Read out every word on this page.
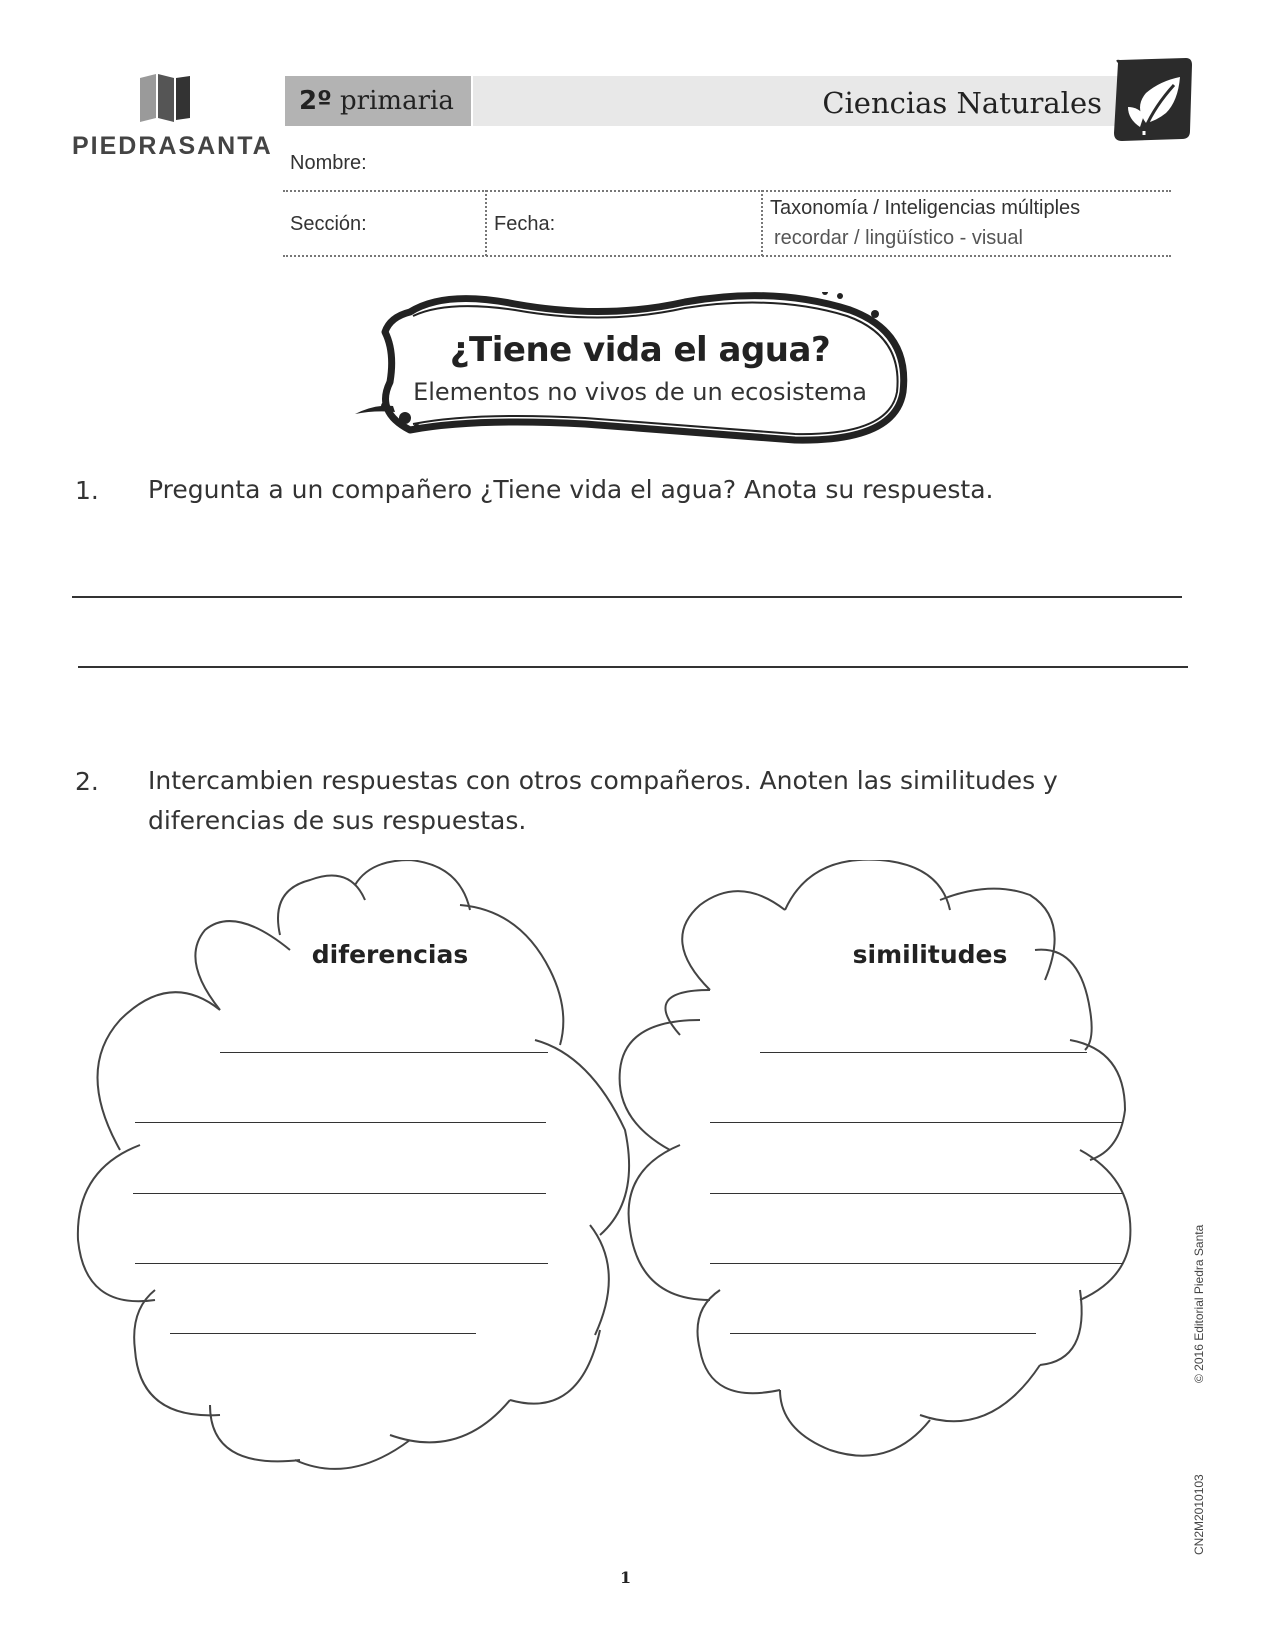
PIEDRASANTA
2º primaria	Ciencias Naturales
Nombre:
Sección:	Fecha:
Taxonomía / Inteligencias múltiples
recordar / lingüístico - visual
¿Tiene vida el agua?
Elementos no vivos de un ecosistema
1. Pregunta a un compañero ¿Tiene vida el agua? Anota su respuesta.
2. Intercambien respuestas con otros compañeros. Anoten las similitudes y
diferencias de sus respuestas.
diferencias	similitudes
© 2016 Editorial Piedra Santa
CN2M2010103
1
